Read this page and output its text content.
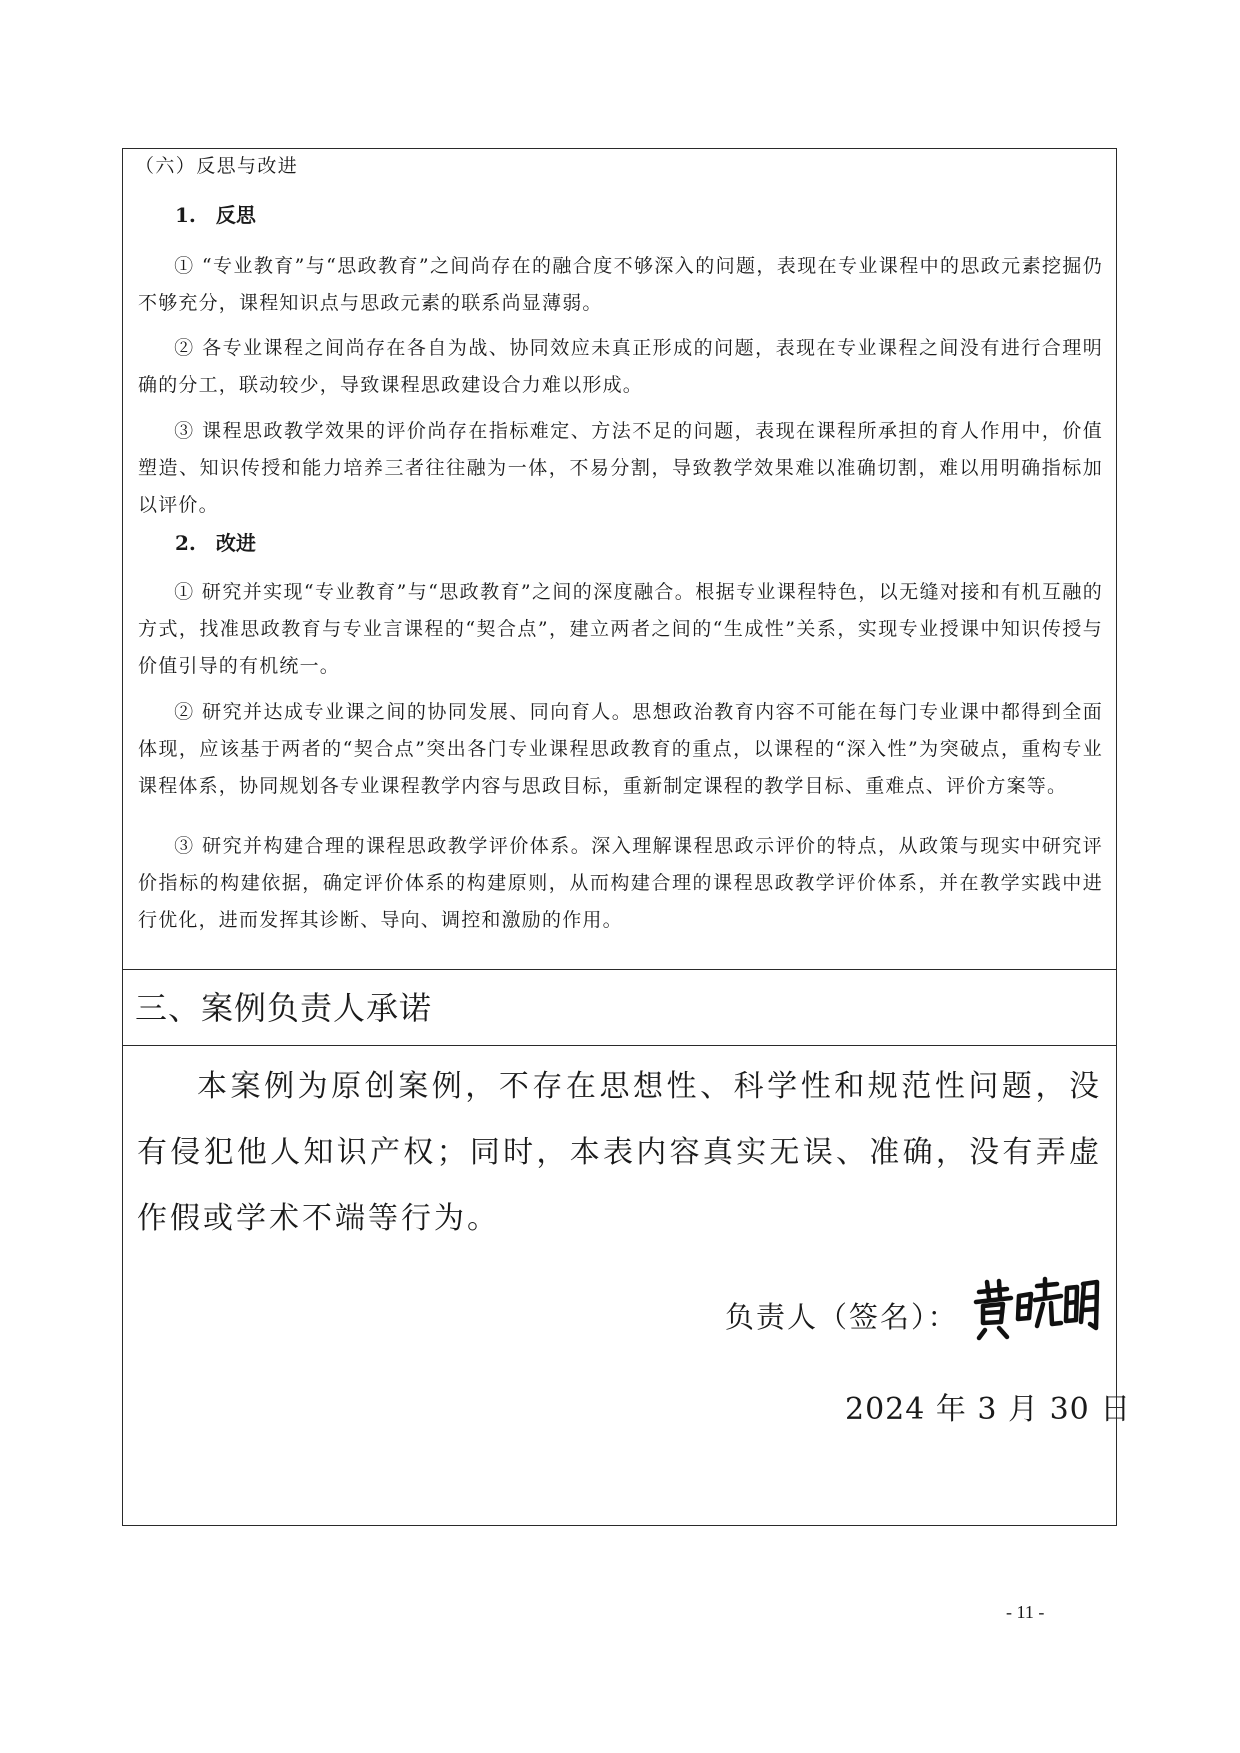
（六）反思与改进
1.　反思
① “专业教育”与“思政教育”之间尚存在的融合度不够深入的问题，表现在专业课程中的思政元素挖掘仍不够充分，课程知识点与思政元素的联系尚显薄弱。
② 各专业课程之间尚存在各自为战、协同效应未真正形成的问题，表现在专业课程之间没有进行合理明确的分工，联动较少，导致课程思政建设合力难以形成。
③ 课程思政教学效果的评价尚存在指标难定、方法不足的问题，表现在课程所承担的育人作用中，价值塑造、知识传授和能力培养三者往往融为一体，不易分割，导致教学效果难以准确切割，难以用明确指标加以评价。
2.　改进
① 研究并实现“专业教育”与“思政教育”之间的深度融合。根据专业课程特色，以无缝对接和有机互融的方式，找准思政教育与专业言课程的“契合点”，建立两者之间的“生成性”关系，实现专业授课中知识传授与价值引导的有机统一。
② 研究并达成专业课之间的协同发展、同向育人。思想政治教育内容不可能在每门专业课中都得到全面体现，应该基于两者的“契合点”突出各门专业课程思政教育的重点，以课程的“深入性”为突破点，重构专业课程体系，协同规划各专业课程教学内容与思政目标，重新制定课程的教学目标、重难点、评价方案等。
③ 研究并构建合理的课程思政教学评价体系。深入理解课程思政示评价的特点，从政策与现实中研究评价指标的构建依据，确定评价体系的构建原则，从而构建合理的课程思政教学评价体系，并在教学实践中进行优化，进而发挥其诊断、导向、调控和激励的作用。
三、案例负责人承诺
本案例为原创案例，不存在思想性、科学性和规范性问题，没有侵犯他人知识产权；同时，本表内容真实无误、准确，没有弄虚作假或学术不端等行为。
负责人（签名）：
2024 年 3 月 30 日
- 11 -
